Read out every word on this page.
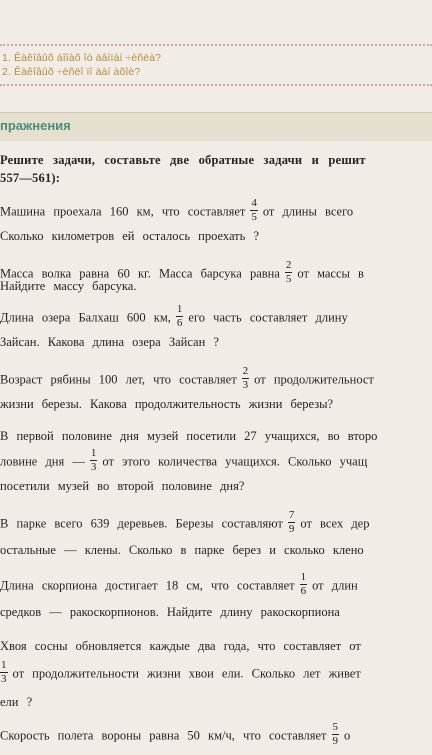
1. Êàêîâûõ áîîàõ îò äâìïàí ÷èñëà?
2. Êàêîâûõ ÷èñëî ïî äàí àõîè?
пражнения
Решите задачи, составьте две обратные задачи и решит
557—561):
Машина проехала 160 км, что составляет $\frac{4}{5}$ от длины всего
Сколько километров ей осталось проехать ?
Масса волка равна 60 кг. Масса барсука равна $\frac{2}{5}$ от массы в
Найдите массу барсука.
Длина озера Балхаш 600 км, $\frac{1}{6}$ его часть составляет длину
Зайсан. Какова длина озера Зайсан ?
Возраст рябины 100 лет, что составляет $\frac{2}{3}$ от продолжительност
жизни березы. Какова продолжительность жизни березы?
В первой половине дня музей посетили 27 учащихся, во второ
ловине дня — $\frac{1}{3}$ от этого количества учащихся. Сколько учащ
посетили музей во второй половине дня?
В парке всего 639 деревьев. Березы составляют $\frac{7}{9}$ от всех дер
остальные — клены. Сколько в парке берез и сколько клено
Длина скорпиона достигает 18 см, что составляет $\frac{1}{6}$ от длин
средков — ракоскорпионов. Найдите длину ракоскорпиона
Хвоя сосны обновляется каждые два года, что составляет от
$\frac{1}{3}$ от продолжительности жизни хвои ели. Сколько лет живет
ели ?
Скорость полета вороны равна 50 км/ч, что составляет $\frac{5}{9}$ о
